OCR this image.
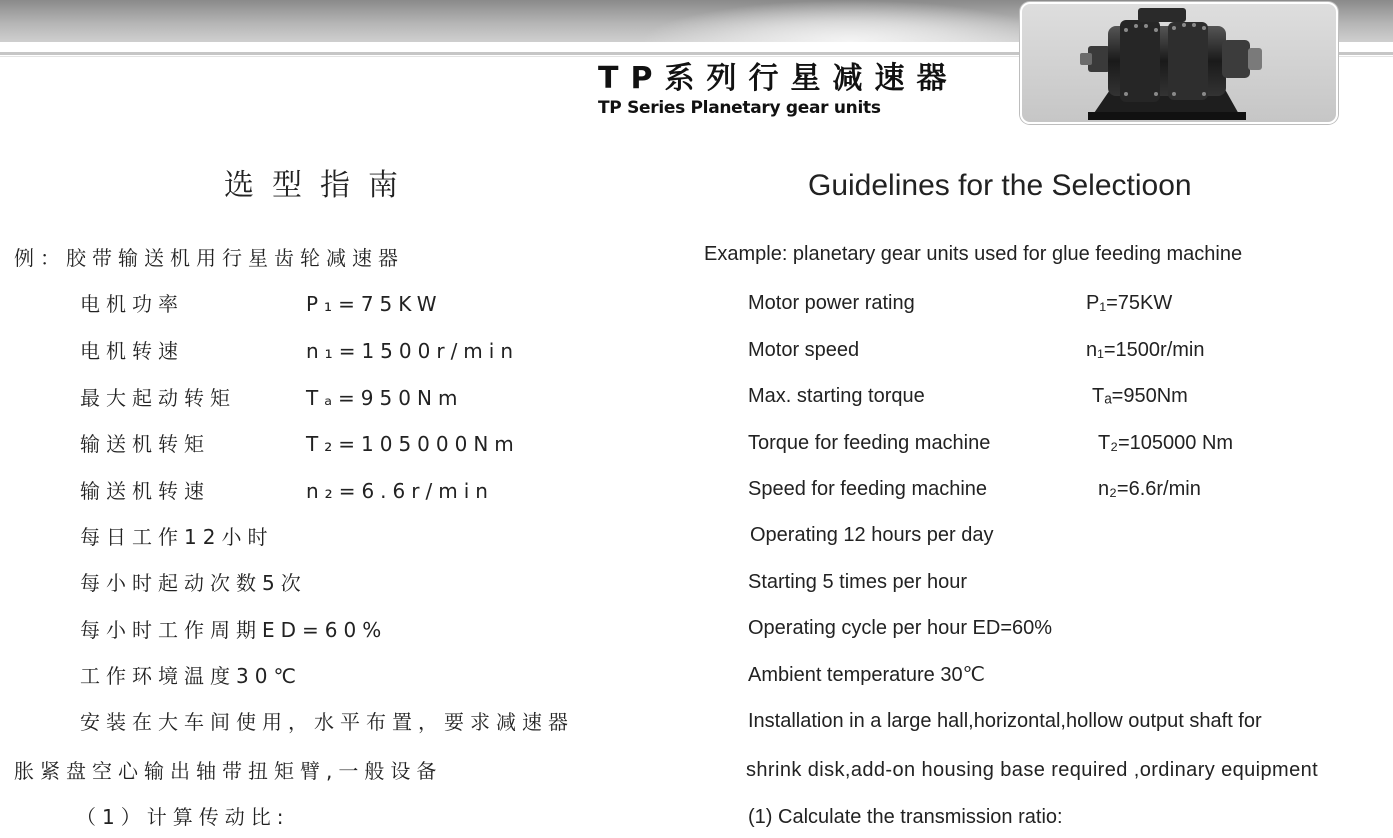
TP系列行星减速器
TP Series Planetary gear units
选型指南	Guidelines for the Selectioon
例：胶带输送机用行星齿轮减速器
电机功率	P₁=75KW
电机转速	n₁=1500r/min
最大起动转矩	Tₐ=950Nm
输送机转矩	T₂=105000Nm
输送机转速	n₂=6.6r/min
每日工作12小时
每小时起动次数5次
每小时工作周期ED=60%
工作环境温度30℃
安装在大车间使用，水平布置，要求减速器
胀紧盘空心输出轴带扭矩臂,一般设备
（1）计算传动比:
Example: planetary gear units used for glue feeding machine
Motor power rating	P₁=75KW
Motor speed	n₁=1500r/min
Max. starting torque	Tₐ=950Nm
Torque for feeding machine	T₂=105000 Nm
Speed for feeding machine	n₂=6.6r/min
Operating 12 hours per day
Starting 5 times per hour
Operating cycle per hour ED=60%
Ambient temperature 30℃
Installation in a large hall,horizontal,hollow output shaft for
shrink disk,add-on housing base required ,ordinary equipment
(1) Calculate the transmission ratio:
